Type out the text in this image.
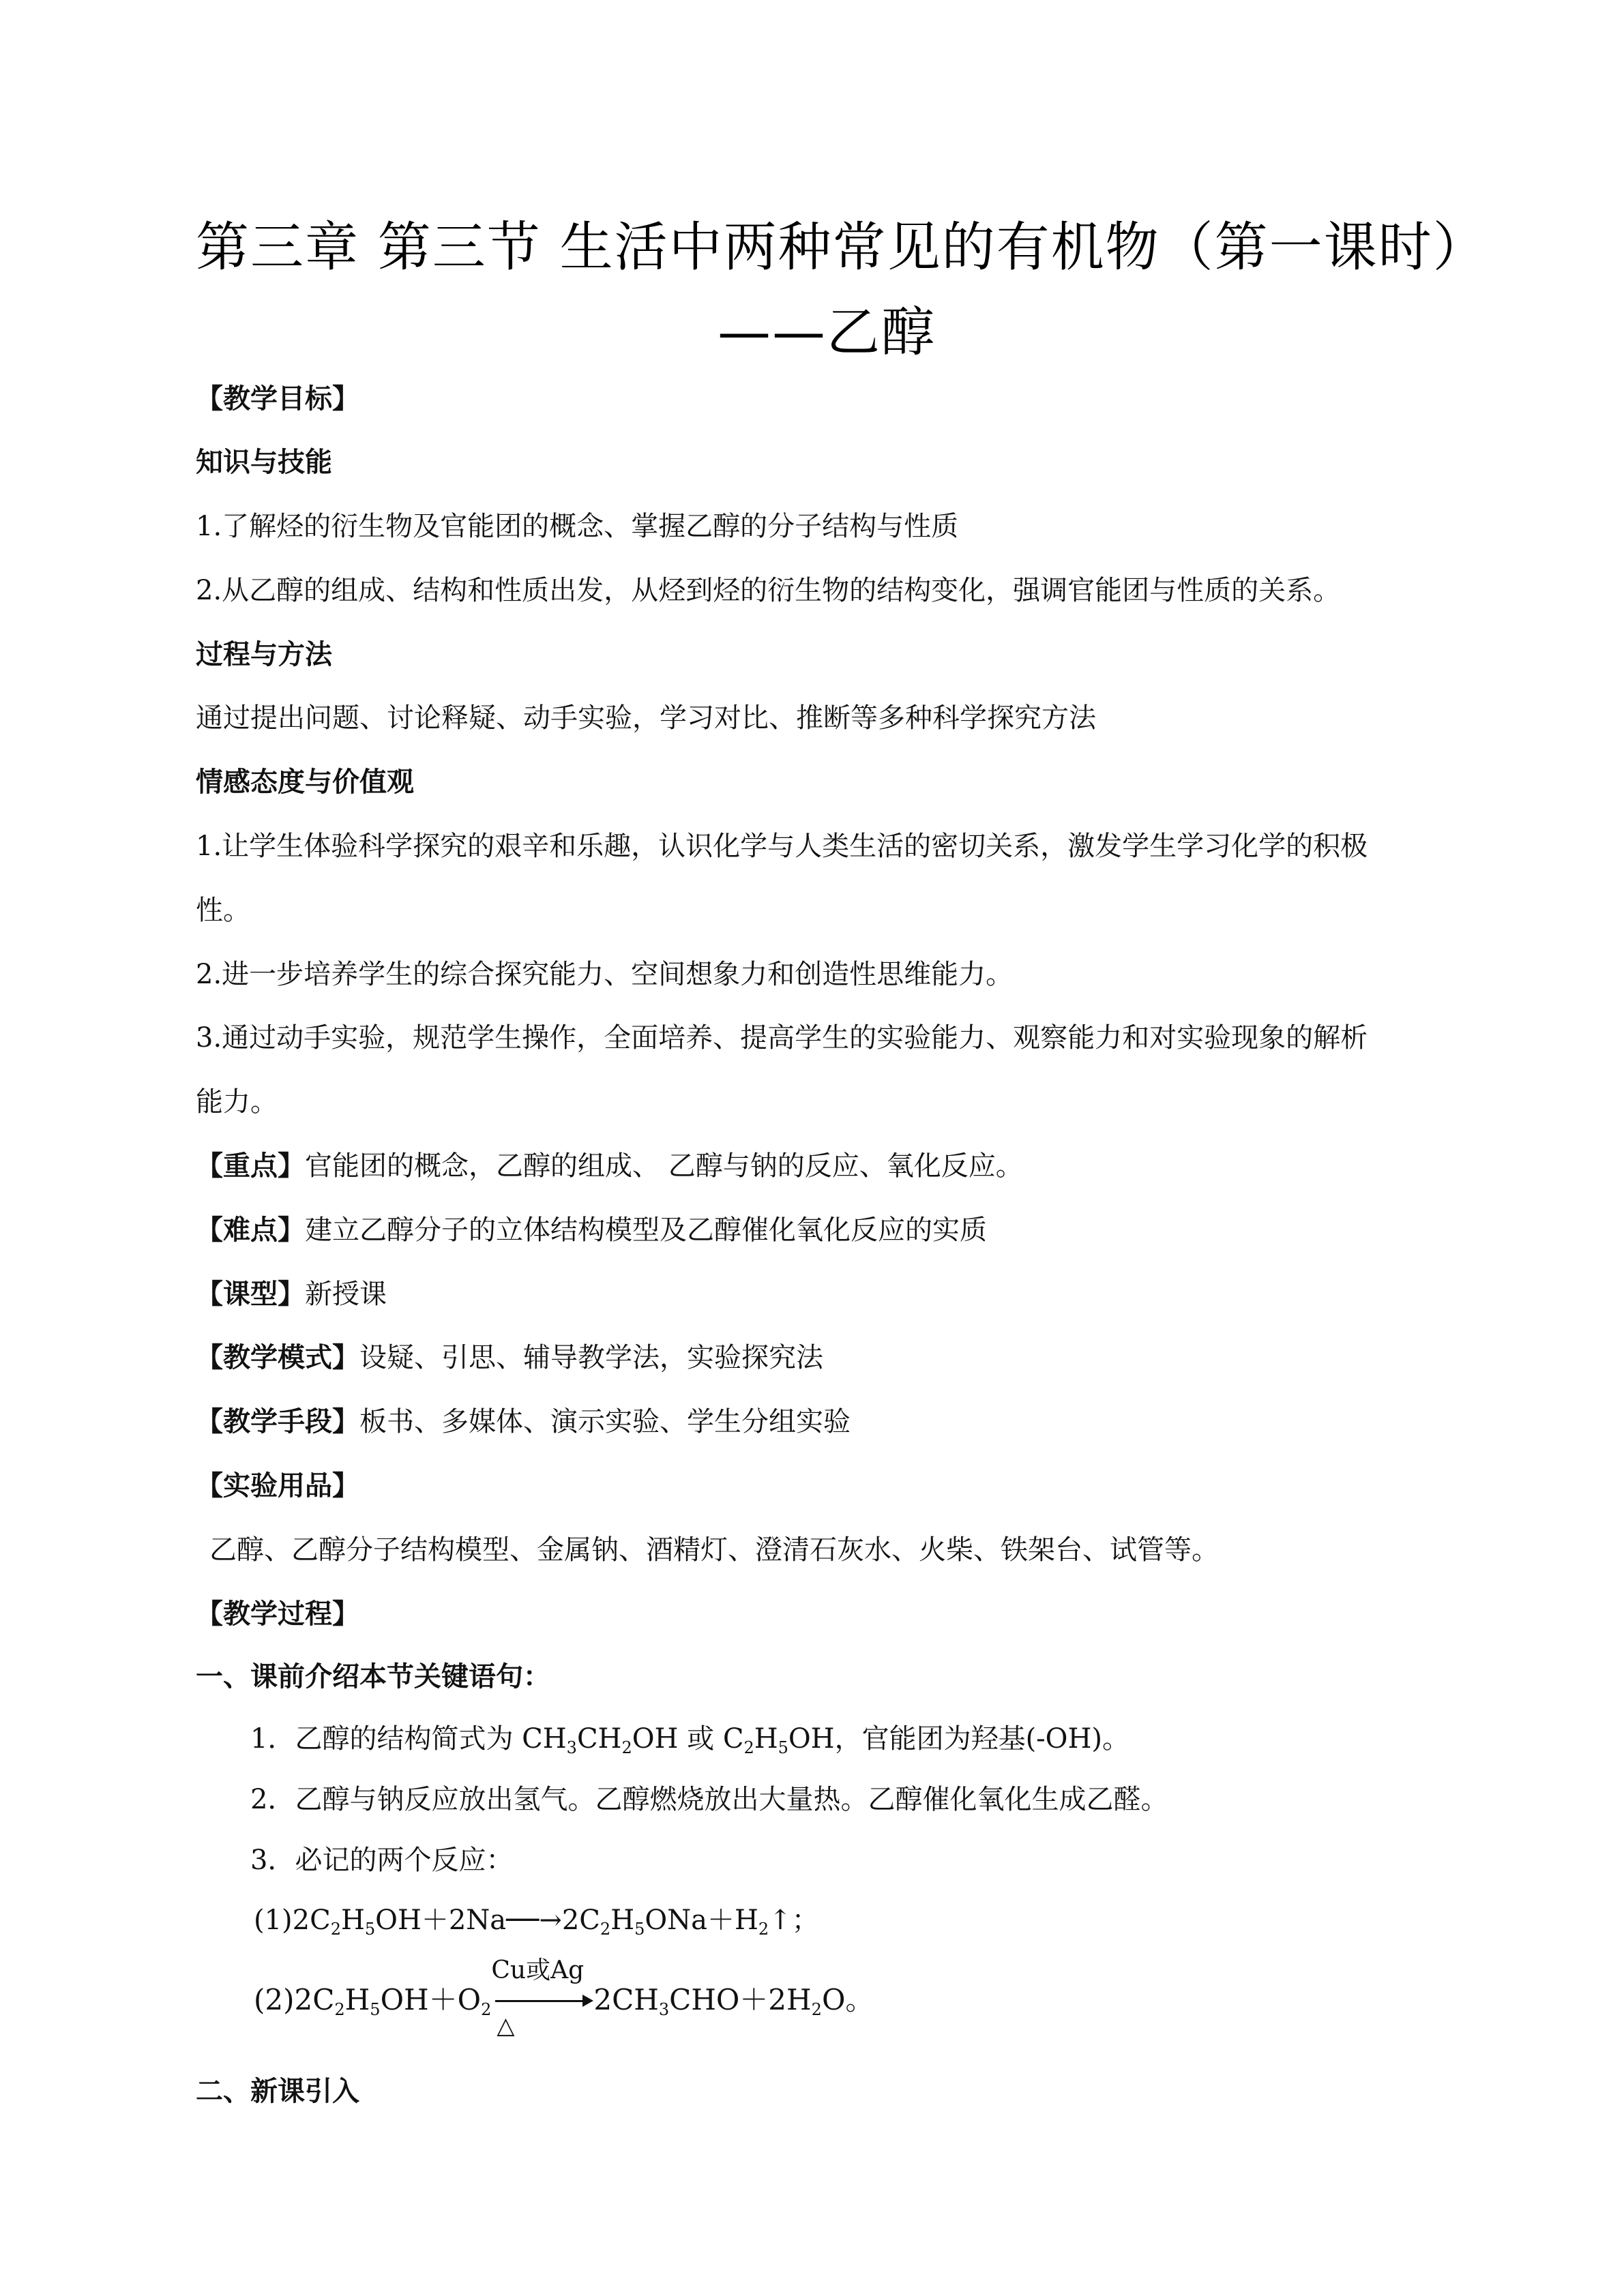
第三章 第三节 生活中两种常见的有机物（第一课时）
——乙醇
【教学目标】
知识与技能
1.了解烃的衍生物及官能团的概念、掌握乙醇的分子结构与性质
2.从乙醇的组成、结构和性质出发，从烃到烃的衍生物的结构变化，强调官能团与性质的关系。
过程与方法
通过提出问题、讨论释疑、动手实验，学习对比、推断等多种科学探究方法
情感态度与价值观
1.让学生体验科学探究的艰辛和乐趣，认识化学与人类生活的密切关系，激发学生学习化学的积极
性。
2.进一步培养学生的综合探究能力、空间想象力和创造性思维能力。
3.通过动手实验，规范学生操作，全面培养、提高学生的实验能力、观察能力和对实验现象的解析
能力。
【重点】官能团的概念，乙醇的组成、 乙醇与钠的反应、氧化反应。
【难点】建立乙醇分子的立体结构模型及乙醇催化氧化反应的实质
【课型】新授课
【教学模式】设疑、引思、辅导教学法，实验探究法
【教学手段】板书、多媒体、演示实验、学生分组实验
【实验用品】
乙醇、乙醇分子结构模型、金属钠、酒精灯、澄清石灰水、火柴、铁架台、试管等。
【教学过程】
一、课前介绍本节关键语句：
1．乙醇的结构简式为 $CH_3CH_2OH$ 或 $C_2H_5OH$，官能团为羟基(-OH)。
2．乙醇与钠反应放出氢气。乙醇燃烧放出大量热。乙醇催化氧化生成乙醛。
3．必记的两个反应：
$(1)2C_2H_5OH+2Na──\to 2C_2H_5ONa+H_2↑$；
$(2)2C_2H_5OH+O_2$
Cu或Ag
△
$2CH_3CHO+2H_2O$。
二、新课引入
